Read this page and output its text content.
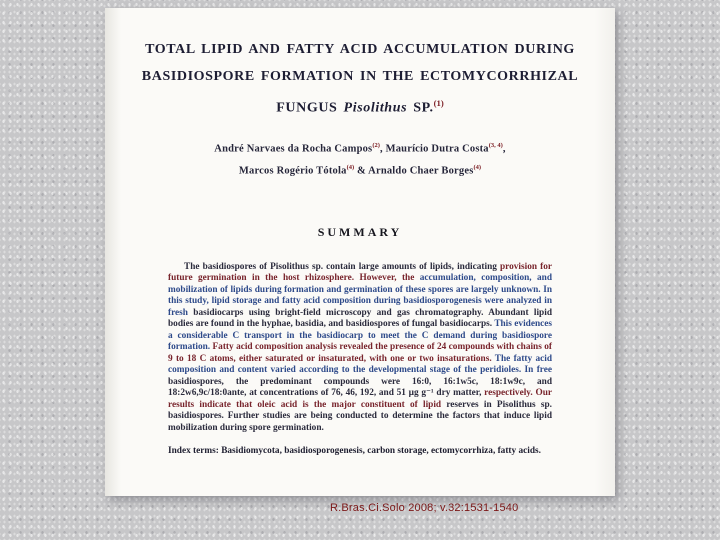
TOTAL LIPID AND FATTY ACID ACCUMULATION DURING
BASIDIOSPORE FORMATION IN THE ECTOMYCORRHIZAL
FUNGUS Pisolithus SP.$^{(1)}$
André Narvaes da Rocha Campos$^{(2)}$, Maurício Dutra Costa$^{(3, 4)}$,
Marcos Rogério Tótola$^{(4)}$ & Arnaldo Chaer Borges$^{(4)}$
SUMMARY

The basidiospores of Pisolithus sp. contain large amounts of lipids, indicating provision for future germination in the host rhizosphere. However, the accumulation, composition, and mobilization of lipids during formation and germination of these spores are largely unknown. In this study, lipid storage and fatty acid composition during basidiosporogenesis were analyzed in fresh basidiocarps using bright-field microscopy and gas chromatography. Abundant lipid bodies are found in the hyphae, basidia, and basidiospores of fungal basidiocarps. This evidences a considerable C transport in the basidiocarp to meet the C demand during basidiospore formation. Fatty acid composition analysis revealed the presence of 24 compounds with chains of 9 to 18 C atoms, either saturated or insaturated, with one or two insaturations. The fatty acid composition and content varied according to the developmental stage of the peridioles. In free basidiospores, the predominant compounds were 16:0, 16:1w5c, 18:1w9c, and 18:2w6,9c/18:0ante, at concentrations of 76, 46, 192, and 51 µg g⁻¹ dry matter, respectively. Our results indicate that oleic acid is the major constituent of lipid reserves in Pisolithus sp. basidiospores. Further studies are being conducted to determine the factors that induce lipid mobilization during spore germination.

Index terms: Basidiomycota, basidiosporogenesis, carbon storage, ectomycorrhiza, fatty acids.

R.Bras.Ci.Solo 2008; v.32:1531-1540
